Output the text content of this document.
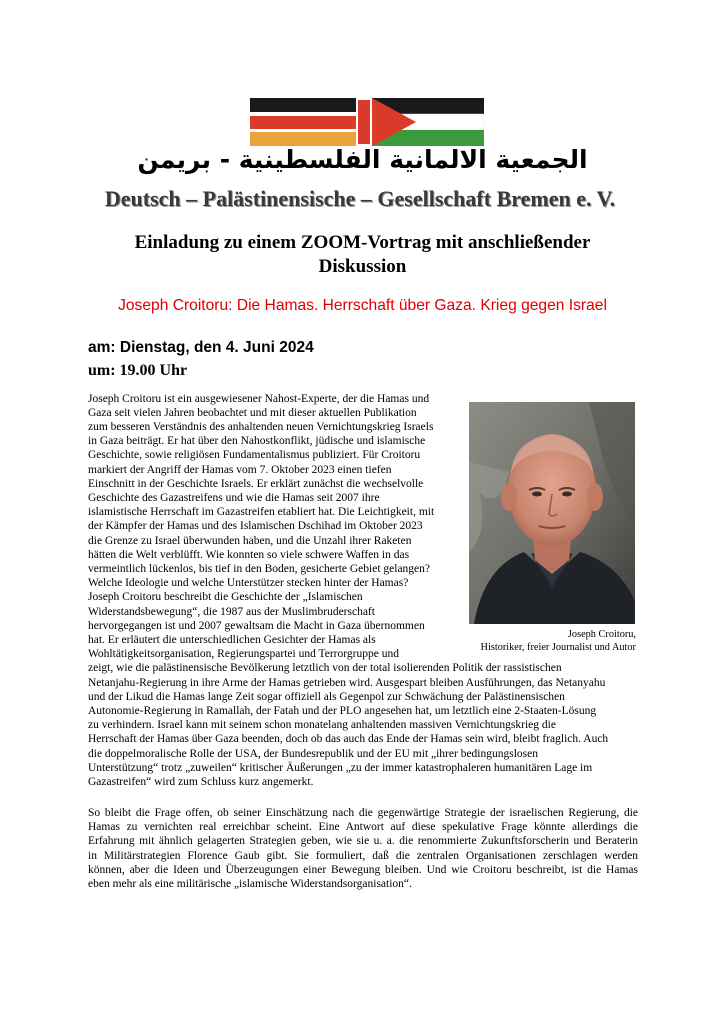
الجمعية الالمانية الفلسطينية - بريمن
Deutsch – Palästinensische – Gesellschaft Bremen e. V.
Einladung zu einem ZOOM-Vortrag mit anschließender
Diskussion
Joseph Croitoru: Die Hamas. Herrschaft über Gaza. Krieg gegen Israel
am: Dienstag, den 4. Juni 2024
um: 19.00 Uhr
Joseph Croitoru,
Historiker, freier Journalist und Autor
Joseph Croitoru ist ein ausgewiesener Nahost-Experte, der die Hamas und
Gaza seit vielen Jahren beobachtet und mit dieser aktuellen Publikation
zum besseren Verständnis des anhaltenden neuen Vernichtungskrieg Israels
in Gaza beiträgt. Er hat über den Nahostkonflikt, jüdische und islamische
Geschichte, sowie religiösen Fundamentalismus publiziert. Für Croitoru
markiert der Angriff der Hamas vom 7. Oktober 2023 einen tiefen
Einschnitt in der Geschichte Israels. Er erklärt zunächst die wechselvolle
Geschichte des Gazastreifens und wie die Hamas seit 2007 ihre
islamistische Herrschaft im Gazastreifen etabliert hat. Die Leichtigkeit, mit
der Kämpfer der Hamas und des Islamischen Dschihad im Oktober 2023
die Grenze zu Israel überwunden haben, und die Unzahl ihrer Raketen
hätten die Welt verblüfft. Wie konnten so viele schwere Waffen in das
vermeintlich lückenlos, bis tief in den Boden, gesicherte Gebiet gelangen?
Welche Ideologie und welche Unterstützer stecken hinter der Hamas?
Joseph Croitoru beschreibt die Geschichte der „Islamischen
Widerstandsbewegung“, die 1987 aus der Muslimbruderschaft
hervorgegangen ist und 2007 gewaltsam die Macht in Gaza übernommen
hat. Er erläutert die unterschiedlichen Gesichter der Hamas als
Wohltätigkeitsorganisation, Regierungspartei und Terrorgruppe und
zeigt, wie die palästinensische Bevölkerung letztlich von der total isolierenden Politik der rassistischen
Netanjahu-Regierung in ihre Arme der Hamas getrieben wird. Ausgespart bleiben Ausführungen, das Netanyahu
und der Likud die Hamas lange Zeit sogar offiziell als Gegenpol zur Schwächung der Palästinensischen
Autonomie-Regierung in Ramallah, der Fatah und der PLO angesehen hat, um letztlich eine 2-Staaten-Lösung
zu verhindern. Israel kann mit seinem schon monatelang anhaltenden massiven Vernichtungskrieg die
Herrschaft der Hamas über Gaza beenden, doch ob das auch das Ende der Hamas sein wird, bleibt fraglich. Auch
die doppelmoralische Rolle der USA, der Bundesrepublik und der EU mit „ihrer bedingungslosen
Unterstützung“ trotz „zuweilen“ kritischer Äußerungen „zu der immer katastrophaleren humanitären Lage im
Gazastreifen“ wird zum Schluss kurz angemerkt.
So bleibt die Frage offen, ob seiner Einschätzung nach die gegenwärtige Strategie der israelischen Regierung, die
Hamas zu vernichten real erreichbar scheint. Eine Antwort auf diese spekulative Frage könnte allerdings die
Erfahrung mit ähnlich gelagerten Strategien geben, wie sie u. a. die renommierte Zukunftsforscherin und Beraterin
in Militärstrategien Florence Gaub gibt. Sie formuliert, daß die zentralen Organisationen zerschlagen werden
können, aber die Ideen und Überzeugungen einer Bewegung bleiben. Und wie Croitoru beschreibt, ist die Hamas
eben mehr als eine militärische „islamische Widerstandsorganisation“.
